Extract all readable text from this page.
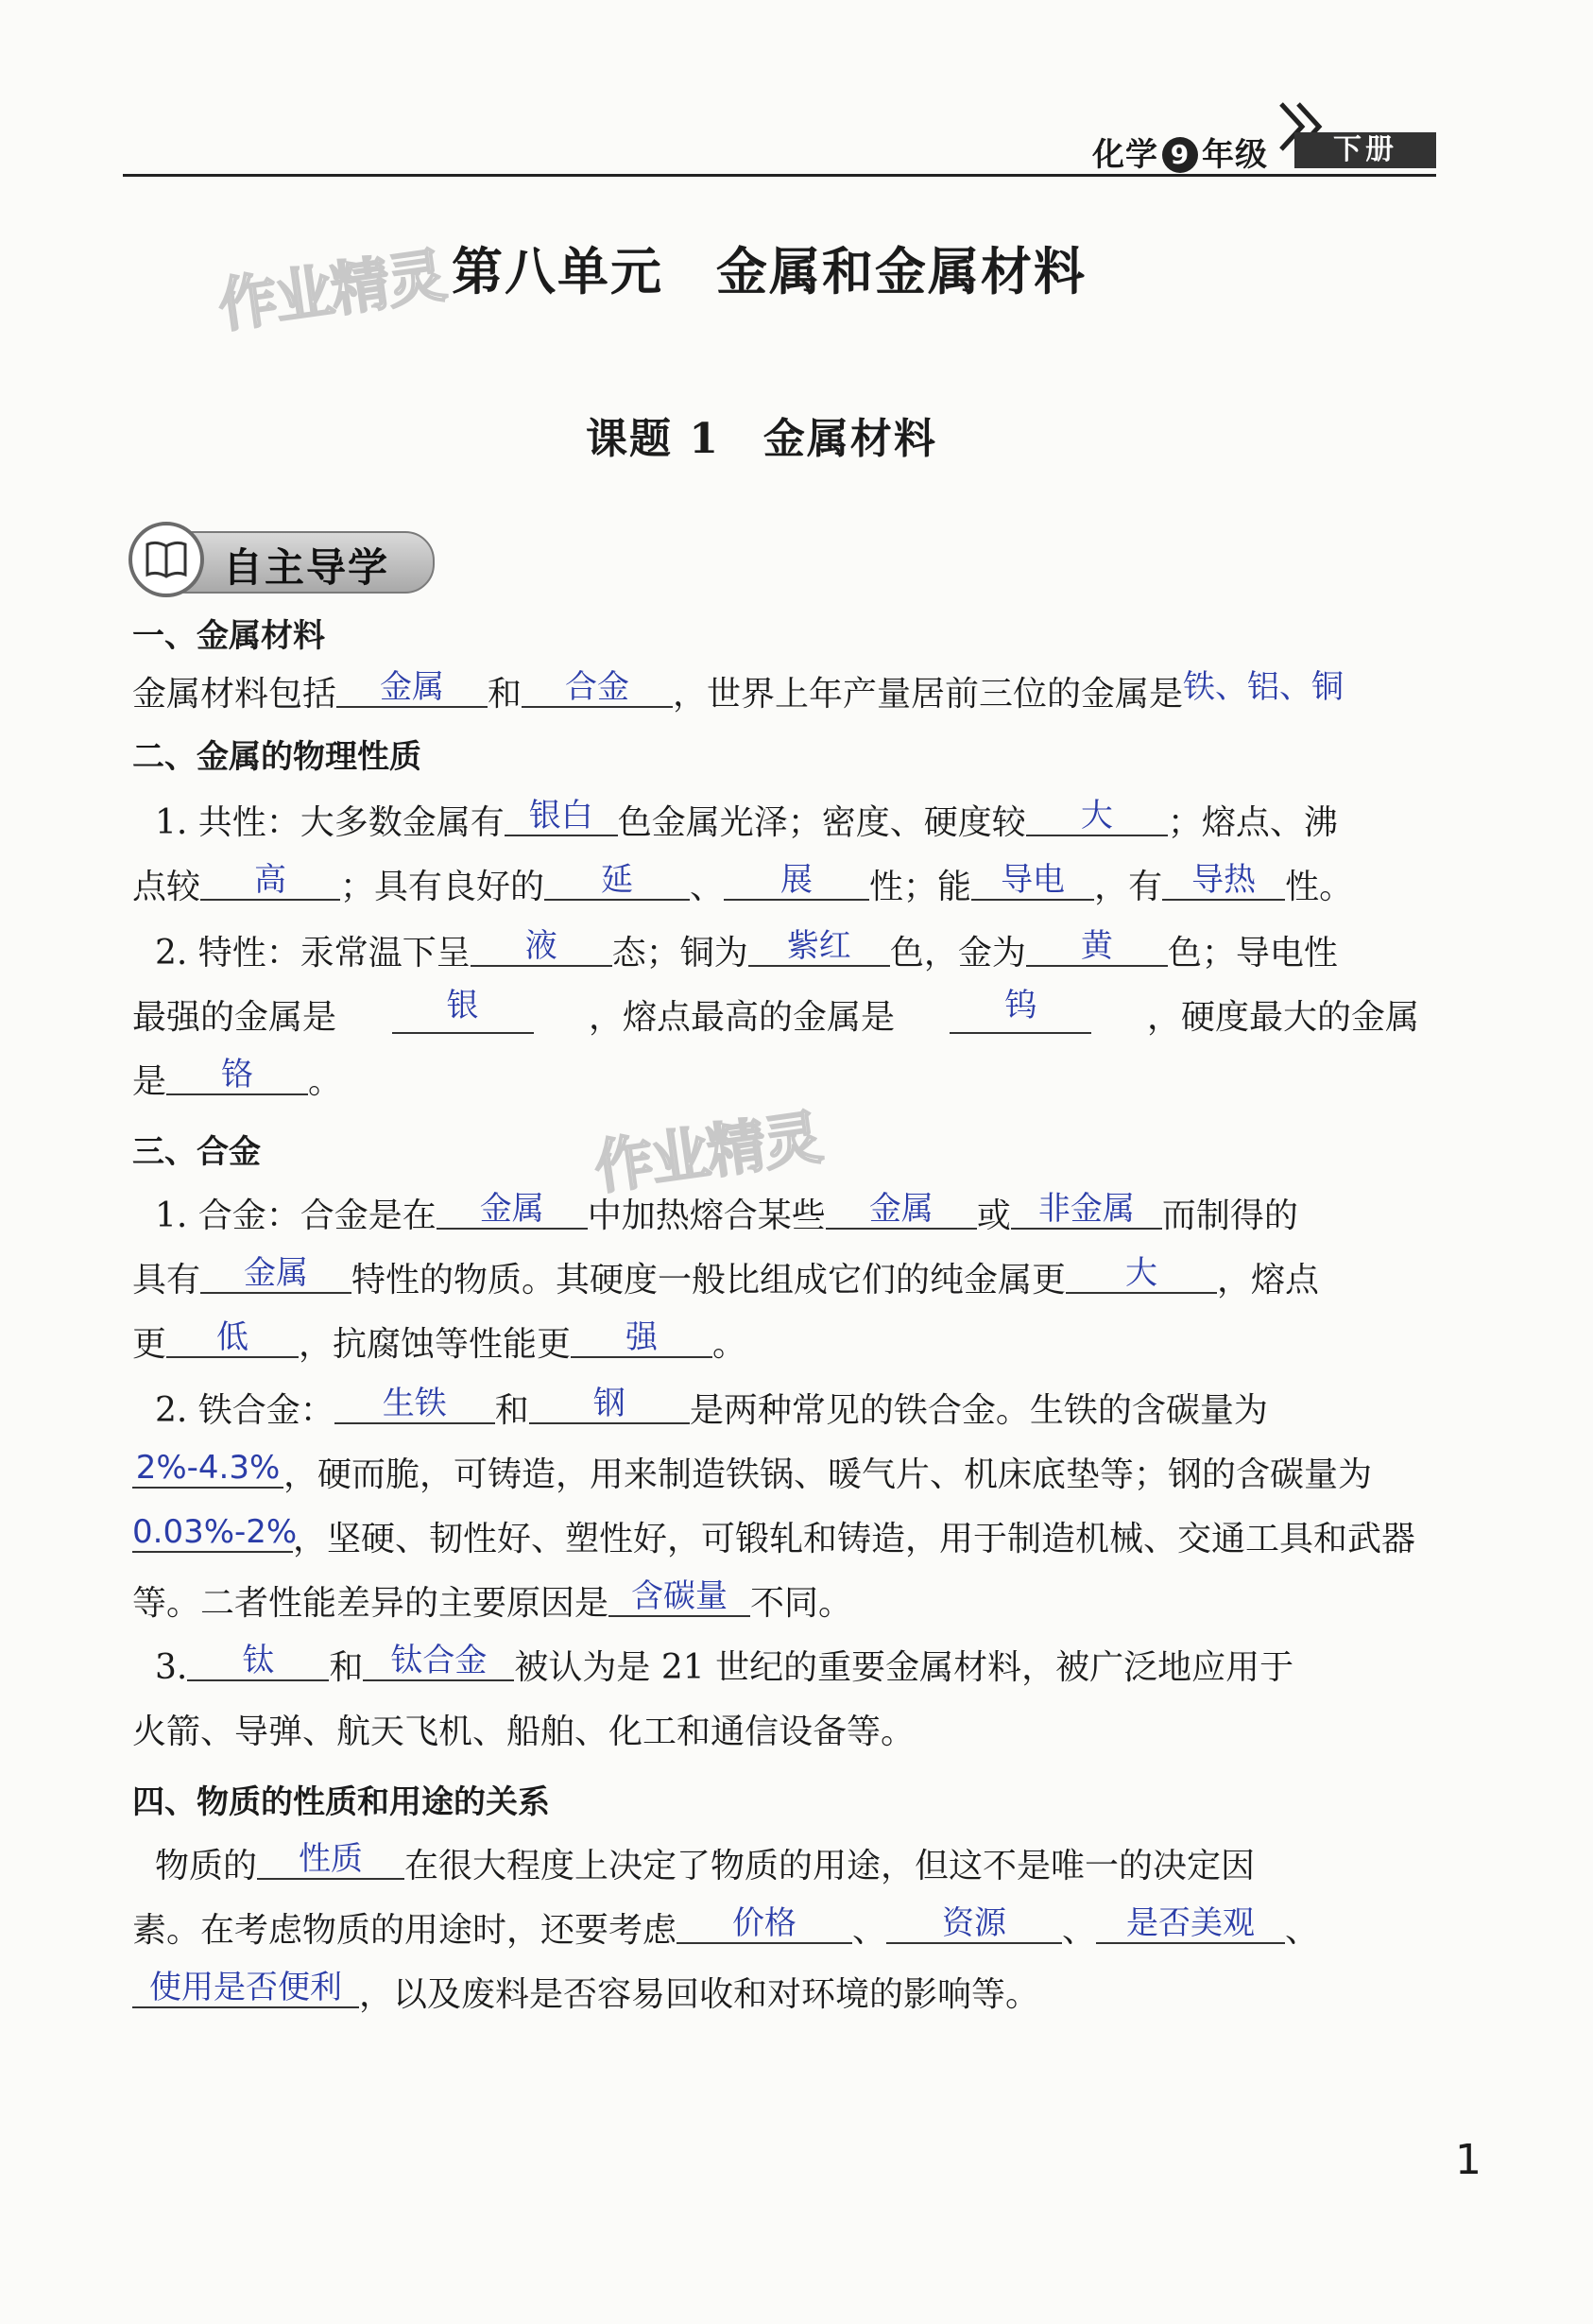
化学 9 年级	下册
作业精灵
作业精灵
第八单元　金属和金属材料
课题 1　金属材料
自主导学
一、金属材料
金属材料包括 金属 和 合金 ，世界上年产量居前三位的金属是铁、铝、铜
二、金属的物理性质
1. 共性：大多数金属有 银白 色金属光泽；密度、硬度较 大 ；熔点、沸
点较 高 ；具有良好的 延 、 展 性；能 导电 ，有 导热 性。
2. 特性：汞常温下呈 液 态；铜为 紫红 色，金为 黄 色；导电性
最强的金属是	银	，熔点最高的金属是	钨	，硬度最大的金属
是 铬 。
三、合金
1. 合金：合金是在 金属 中加热熔合某些 金属 或 非金属 而制得的
具有 金属 特性的物质。其硬度一般比组成它们的纯金属更 大 ，熔点
更 低 ，抗腐蚀等性能更 强 。
2. 铁合金： 生铁 和 钢 是两种常见的铁合金。生铁的含碳量为
2%-4.3% ，硬而脆，可铸造，用来制造铁锅、暖气片、机床底垫等；钢的含碳量为
0.03%-2%，坚硬、韧性好、塑性好，可锻轧和铸造，用于制造机械、交通工具和武器
等。二者性能差异的主要原因是 含碳量 不同。
3. 钛 和 钛合金 被认为是 21 世纪的重要金属材料，被广泛地应用于
火箭、导弹、航天飞机、船舶、化工和通信设备等。
四、物质的性质和用途的关系
物质的 性质 在很大程度上决定了物质的用途，但这不是唯一的决定因
素。在考虑物质的用途时，还要考虑 价格 、 资源 、 是否美观 、
使用是否便利 ，以及废料是否容易回收和对环境的影响等。
1
